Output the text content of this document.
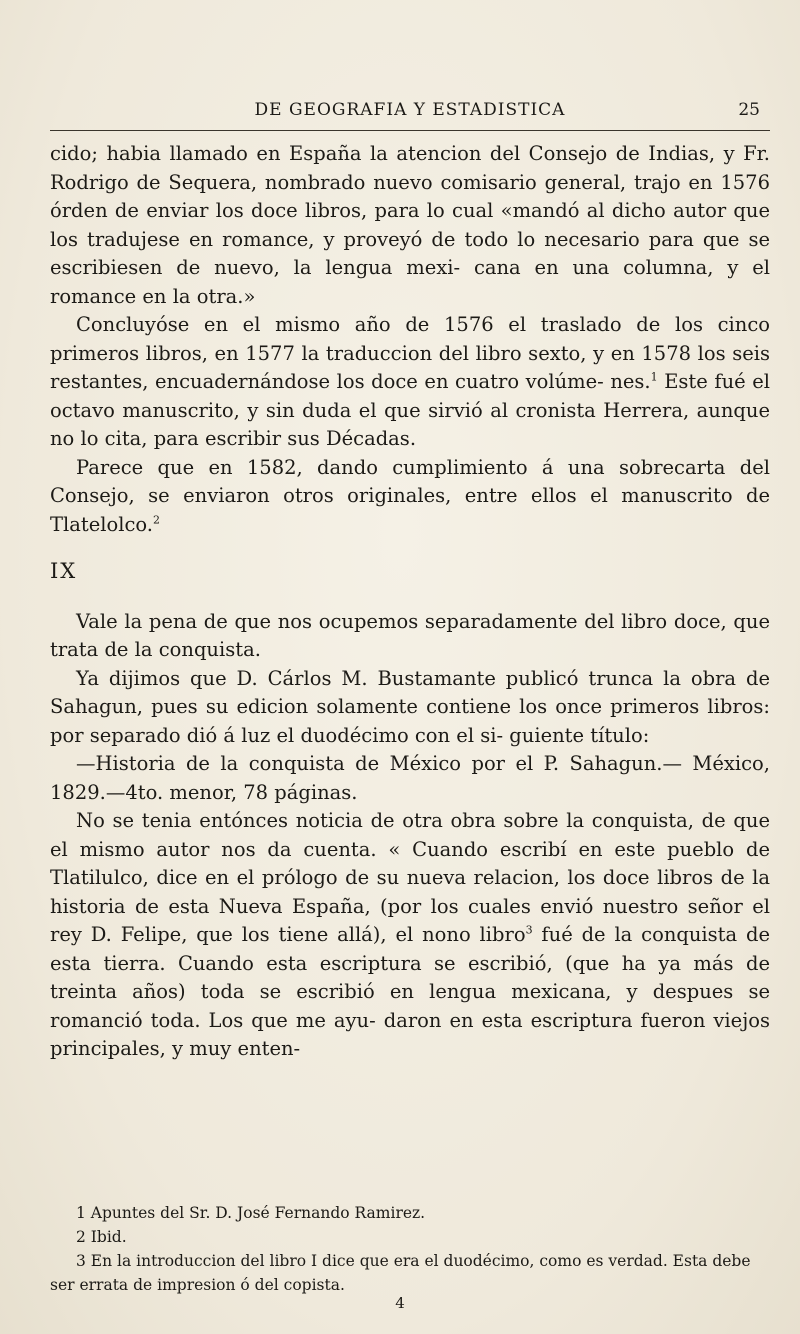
DE GEOGRAFIA Y ESTADISTICA	25

cido; habia llamado en España la atencion del Consejo de Indias, y Fr. Rodrigo de Sequera, nombrado nuevo comisario general, trajo en 1576 órden de enviar los doce libros, para lo cual «mandó al dicho autor que los tradujese en romance, y proveyó de todo lo necesario para que se escribiesen de nuevo, la lengua mexi- cana en una columna, y el romance en la otra.»

Concluyóse en el mismo año de 1576 el traslado de los cinco primeros libros, en 1577 la traduccion del libro sexto, y en 1578 los seis restantes, encuadernándose los doce en cuatro volúme- nes.$^1$ Este fué el octavo manuscrito, y sin duda el que sirvió al cronista Herrera, aunque no lo cita, para escribir sus Décadas.

Parece que en 1582, dando cumplimiento á una sobrecarta del Consejo, se enviaron otros originales, entre ellos el manuscrito de Tlatelolco.$^2$

IX

Vale la pena de que nos ocupemos separadamente del libro doce, que trata de la conquista.

Ya dijimos que D. Cárlos M. Bustamante publicó trunca la obra de Sahagun, pues su edicion solamente contiene los once primeros libros: por separado dió á luz el duodécimo con el si- guiente título:

—Historia de la conquista de México por el P. Sahagun.— México, 1829.—4to. menor, 78 páginas.

No se tenia entónces noticia de otra obra sobre la conquista, de que el mismo autor nos da cuenta. « Cuando escribí en este pueblo de Tlatilulco, dice en el prólogo de su nueva relacion, los doce libros de la historia de esta Nueva España, (por los cuales envió nuestro señor el rey D. Felipe, que los tiene allá), el nono libro$^3$ fué de la conquista de esta tierra. Cuando esta escriptura se escribió, (que ha ya más de treinta años) toda se escribió en lengua mexicana, y despues se romanció toda. Los que me ayu- daron en esta escriptura fueron viejos principales, y muy enten-

1 Apuntes del Sr. D. José Fernando Ramirez.

2 Ibid.

3 En la introduccion del libro I dice que era el duodécimo, como es verdad. Esta debe ser errata de impresion ó del copista.

4
